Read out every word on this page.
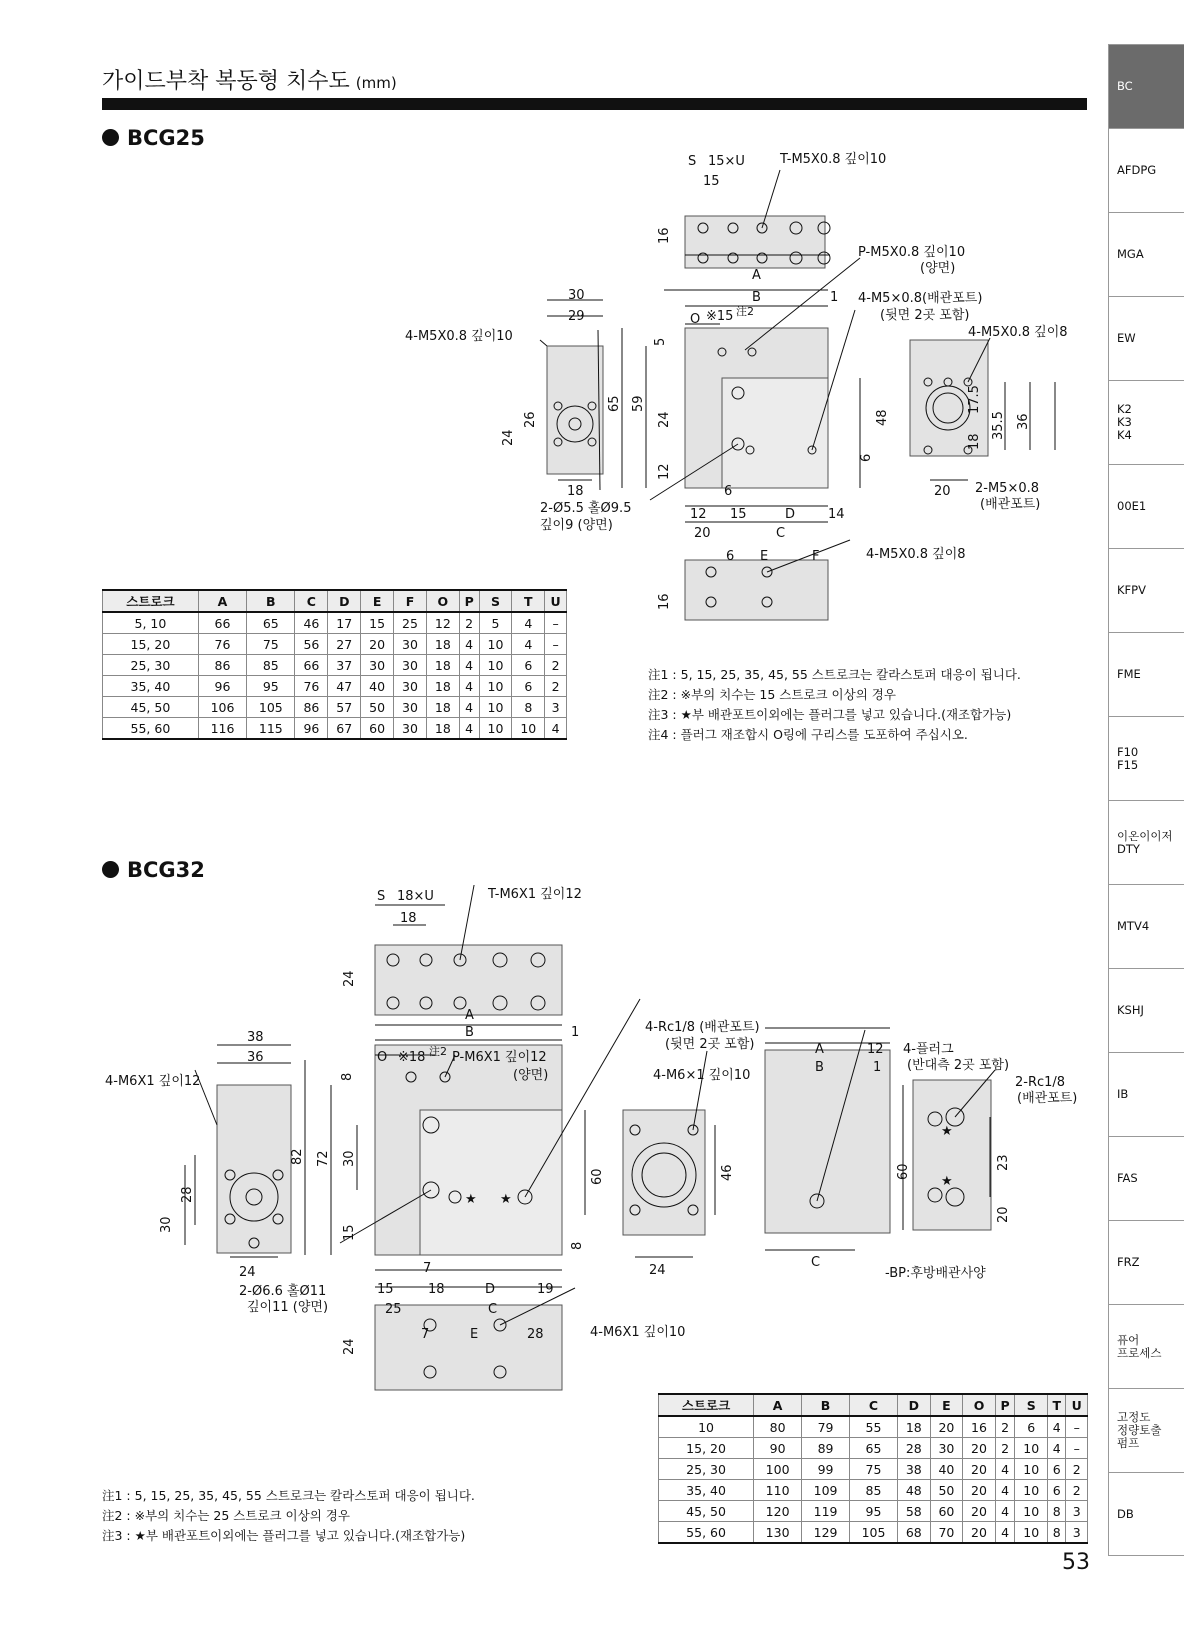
가이드부착 복동형 치수도 (mm)	BC
AFDPG
MGA
EW
K2
K3
K4
00E1
KFPV
FME
F10
F15
이온이이저
DTY
MTV4
KSHJ
IB
FAS
FRZ
퓨어
프로세스
고정도
정량토출
펌프
DB
BCG25
S 15×U	T-M5X0.8 깊이10
15
16
P-M5X0.8 깊이10
(양면)
A
B	1 4-M5×0.8(배관포트)
(뒷면 2곳 포함)
4-M5X0.8 깊이8
30
29
4-M5X0.8 깊이10
O ※15 注2
5
65 59
24
26
24
48
6
12
18
2-Ø5.5 홀Ø9.5
깊이9 (양면)
6
12 15	D	14
20	C
17.5
35.5 36
18
20 2-M5×0.8
(배관포트)
6 E	F	4-M5X0.8 깊이8
16
스트로크	A	B	C	D	E	F	O	P	S	T	U
5, 10	66	65	46	17	15	25	12	2	5	4	–
15, 20	76	75	56	27	20	30	18	4	10	4	–
25, 30	86	85	66	37	30	30	18	4	10	6	2
35, 40	96	95	76	47	40	30	18	4	10	6	2
45, 50	106	105	86	57	50	30	18	4	10	8	3
55, 60	116	115	96	67	60	30	18	4	10	10	4
注1 : 5, 15, 25, 35, 45, 55 스트로크는 칼라스토퍼 대응이 됩니다.
注2 : ※부의 치수는 15 스트로크 이상의 경우
注3 : ★부 배관포트이외에는 플러그를 넣고 있습니다.(재조합가능)
注4 : 플러그 재조합시 O링에 구리스를 도포하여 주십시오.
BCG32
★ ★
★
★
S 18×U	T-M6X1 깊이12
18
24
A
B	1
38
36
4-M6X1 깊이12
O ※18 注2 P-M6X1 깊이12
(양면)
8
82 72 30
28
30	15
24
2-Ø6.6 홀Ø11
깊이11 (양면)
7
15	18	D	19
25	C
60
8
4-Rc1/8 (배관포트)
(뒷면 2곳 포함)
4-M6×1 깊이10
46
24
A	12
B	1
4-플러그
(반대측 2곳 포함)
2-Rc1/8
(배관포트)
60
C
-BP:후방배관사양
23
20
7	E	28	4-M6X1 깊이10
24
스트로크	A	B	C	D	E	O	P	S	T	U
10	80	79	55	18	20	16	2	6	4	–
15, 20	90	89	65	28	30	20	2	10	4	–
25, 30	100	99	75	38	40	20	4	10	6	2
35, 40	110	109	85	48	50	20	4	10	6	2
45, 50	120	119	95	58	60	20	4	10	8	3
55, 60	130	129	105	68	70	20	4	10	8	3
注1 : 5, 15, 25, 35, 45, 55 스트로크는 칼라스토퍼 대응이 됩니다.
注2 : ※부의 치수는 25 스트로크 이상의 경우
注3 : ★부 배관포트이외에는 플러그를 넣고 있습니다.(재조합가능)
53
